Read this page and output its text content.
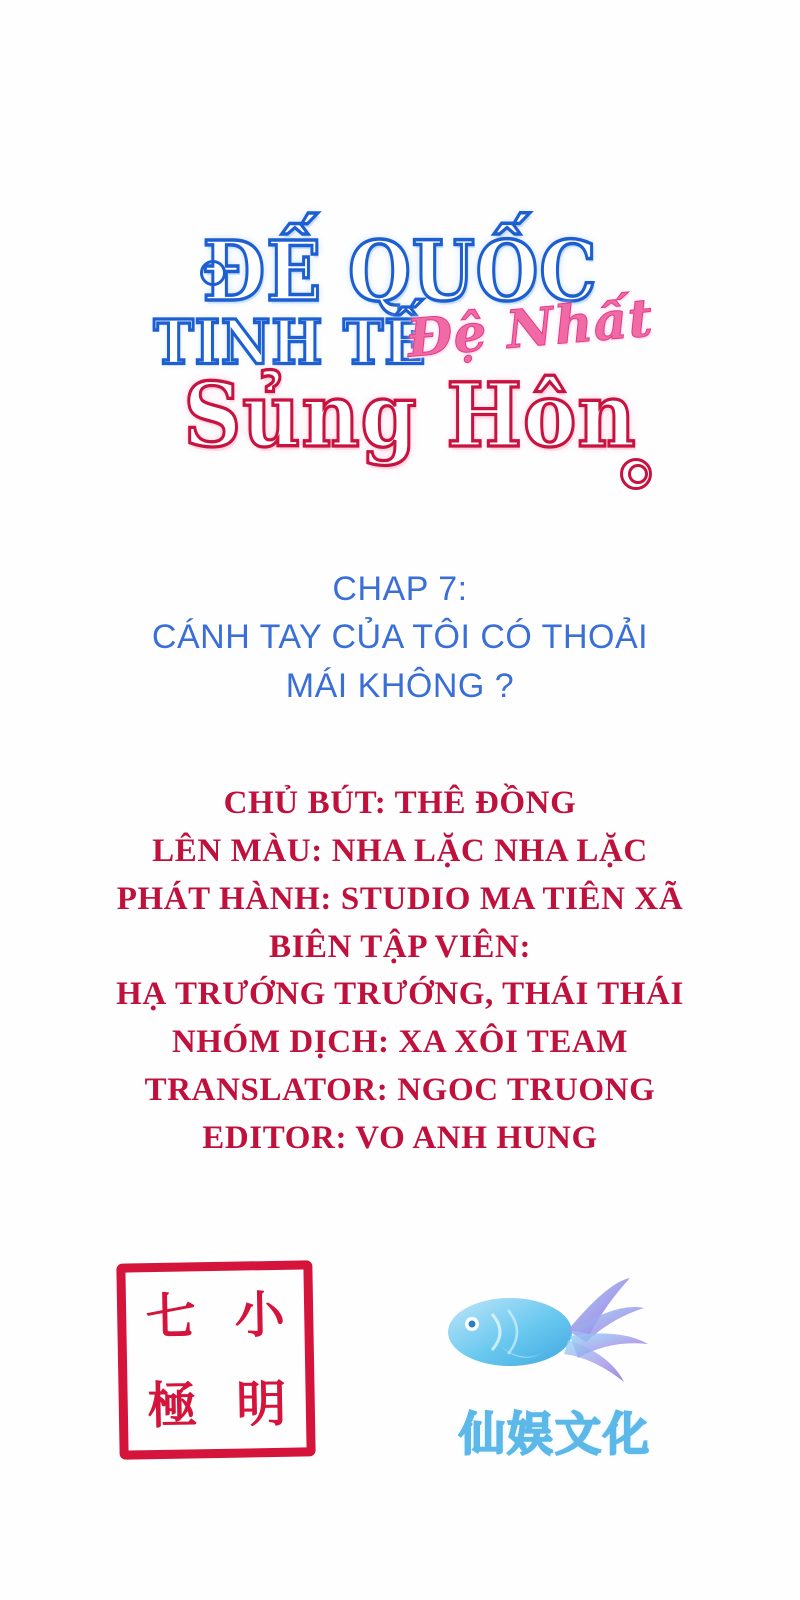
ĐẾ QUỐC
TINH TẾ
Đệ Nhất
Sủng Hôn
CHAP 7:
CÁNH TAY CỦA TÔI CÓ THOẢI
MÁI KHÔNG ?
CHỦ BÚT: THÊ ĐỒNG
LÊN MÀU: NHA LẶC NHA LẶC
PHÁT HÀNH: STUDIO MA TIÊN XÃ
BIÊN TẬP VIÊN:
HẠ TRƯỚNG TRƯỚNG, THÁI THÁI
NHÓM DỊCH: XA XÔI TEAM
TRANSLATOR: NGOC TRUONG
EDITOR: VO ANH HUNG
七 小
極 明
仙娱文化
